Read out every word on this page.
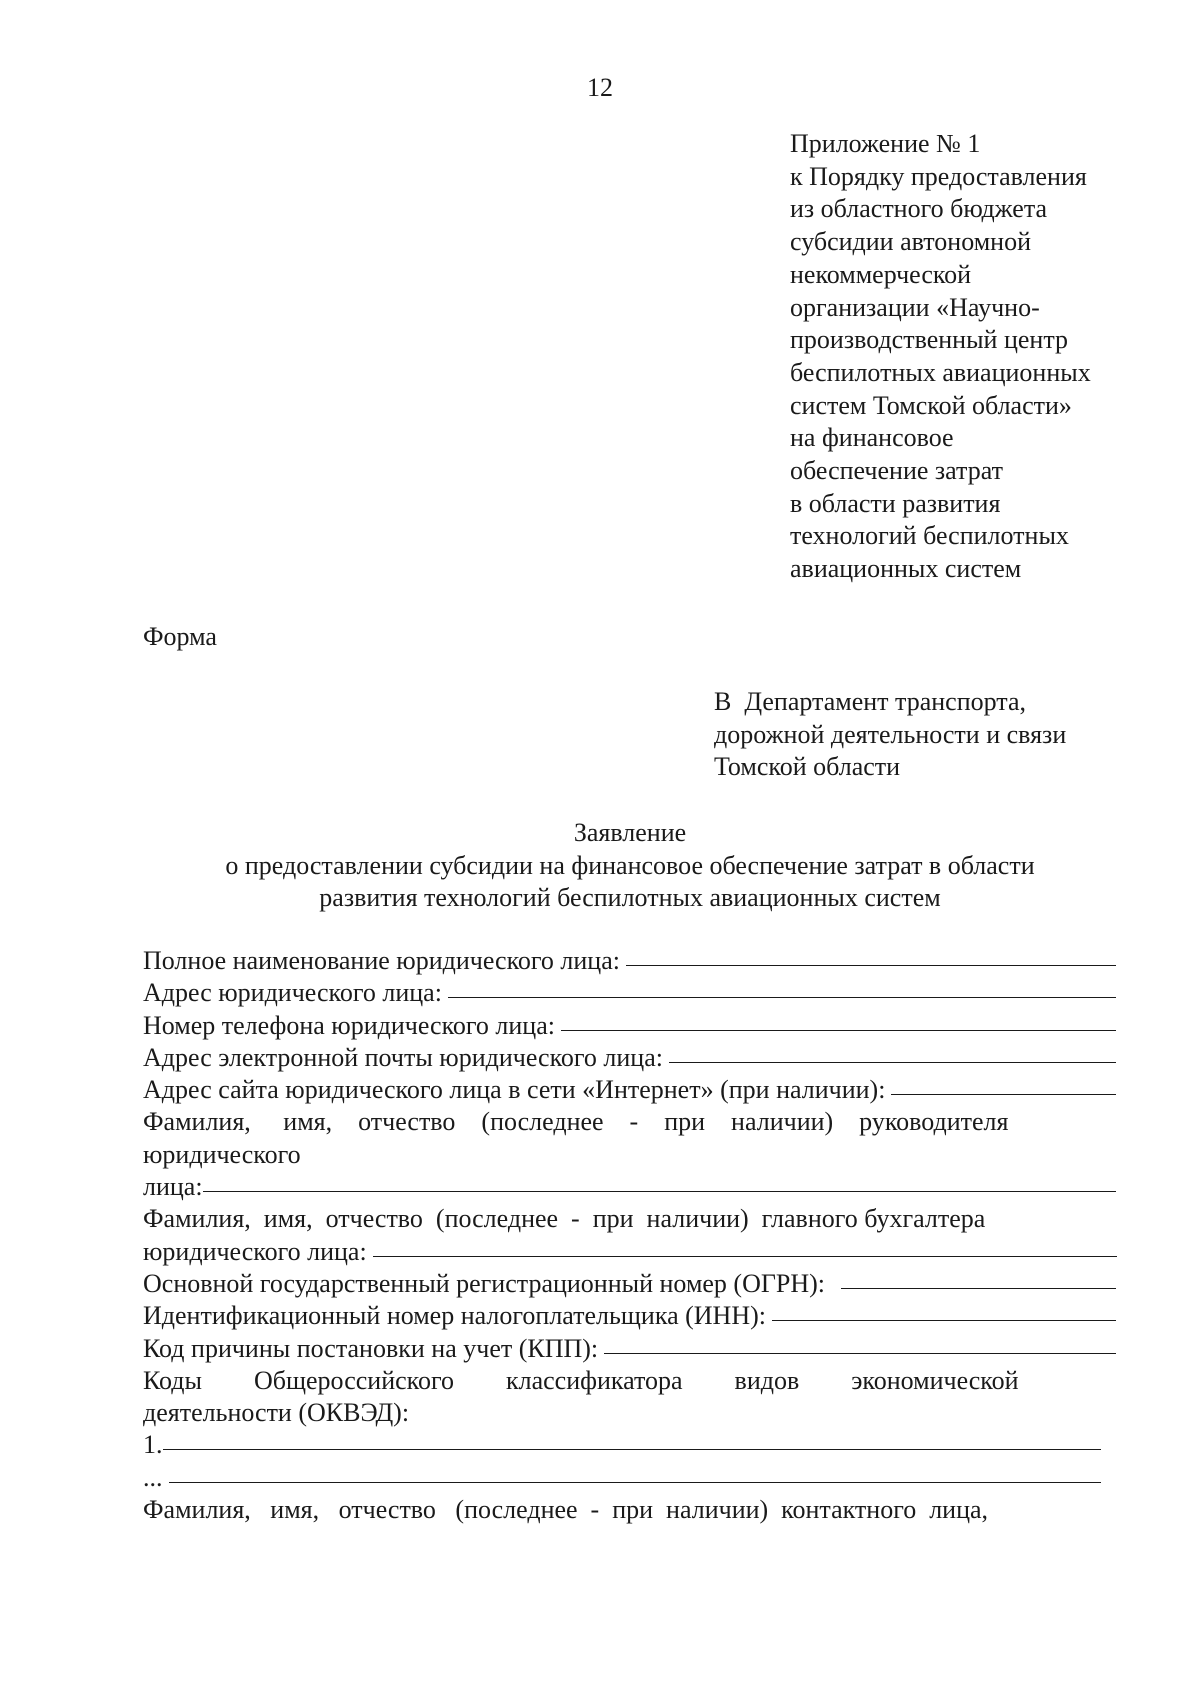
12
Приложение № 1
к Порядку предоставления
из областного бюджета
субсидии автономной
некоммерческой
организации «Научно-
производственный центр
беспилотных авиационных
систем Томской области»
на финансовое
обеспечение затрат
в области развития
технологий беспилотных
авиационных систем
Форма
В  Департамент транспорта,
дорожной деятельности и связи
Томской области
Заявление
о предоставлении субсидии на финансовое обеспечение затрат в области
развития технологий беспилотных авиационных систем
Полное наименование юридического лица:
Адрес юридического лица:
Номер телефона юридического лица:
Адрес электронной почты юридического лица:
Адрес сайта юридического лица в сети «Интернет» (при наличии):
Фамилия,     имя,    отчество    (последнее    -    при    наличии)    руководителя
юридического
лица:
Фамилия,  имя,  отчество  (последнее  -  при  наличии)  главного бухгалтера
юридического лица:
Основной государственный регистрационный номер (ОГРН):
Идентификационный номер налогоплательщика (ИНН):
Код причины постановки на учет (КПП):
Коды        Общероссийского        классификатора        видов        экономической
деятельности (ОКВЭД):
1.
...
Фамилия,   имя,   отчество   (последнее  -  при  наличии)  контактного  лица,
